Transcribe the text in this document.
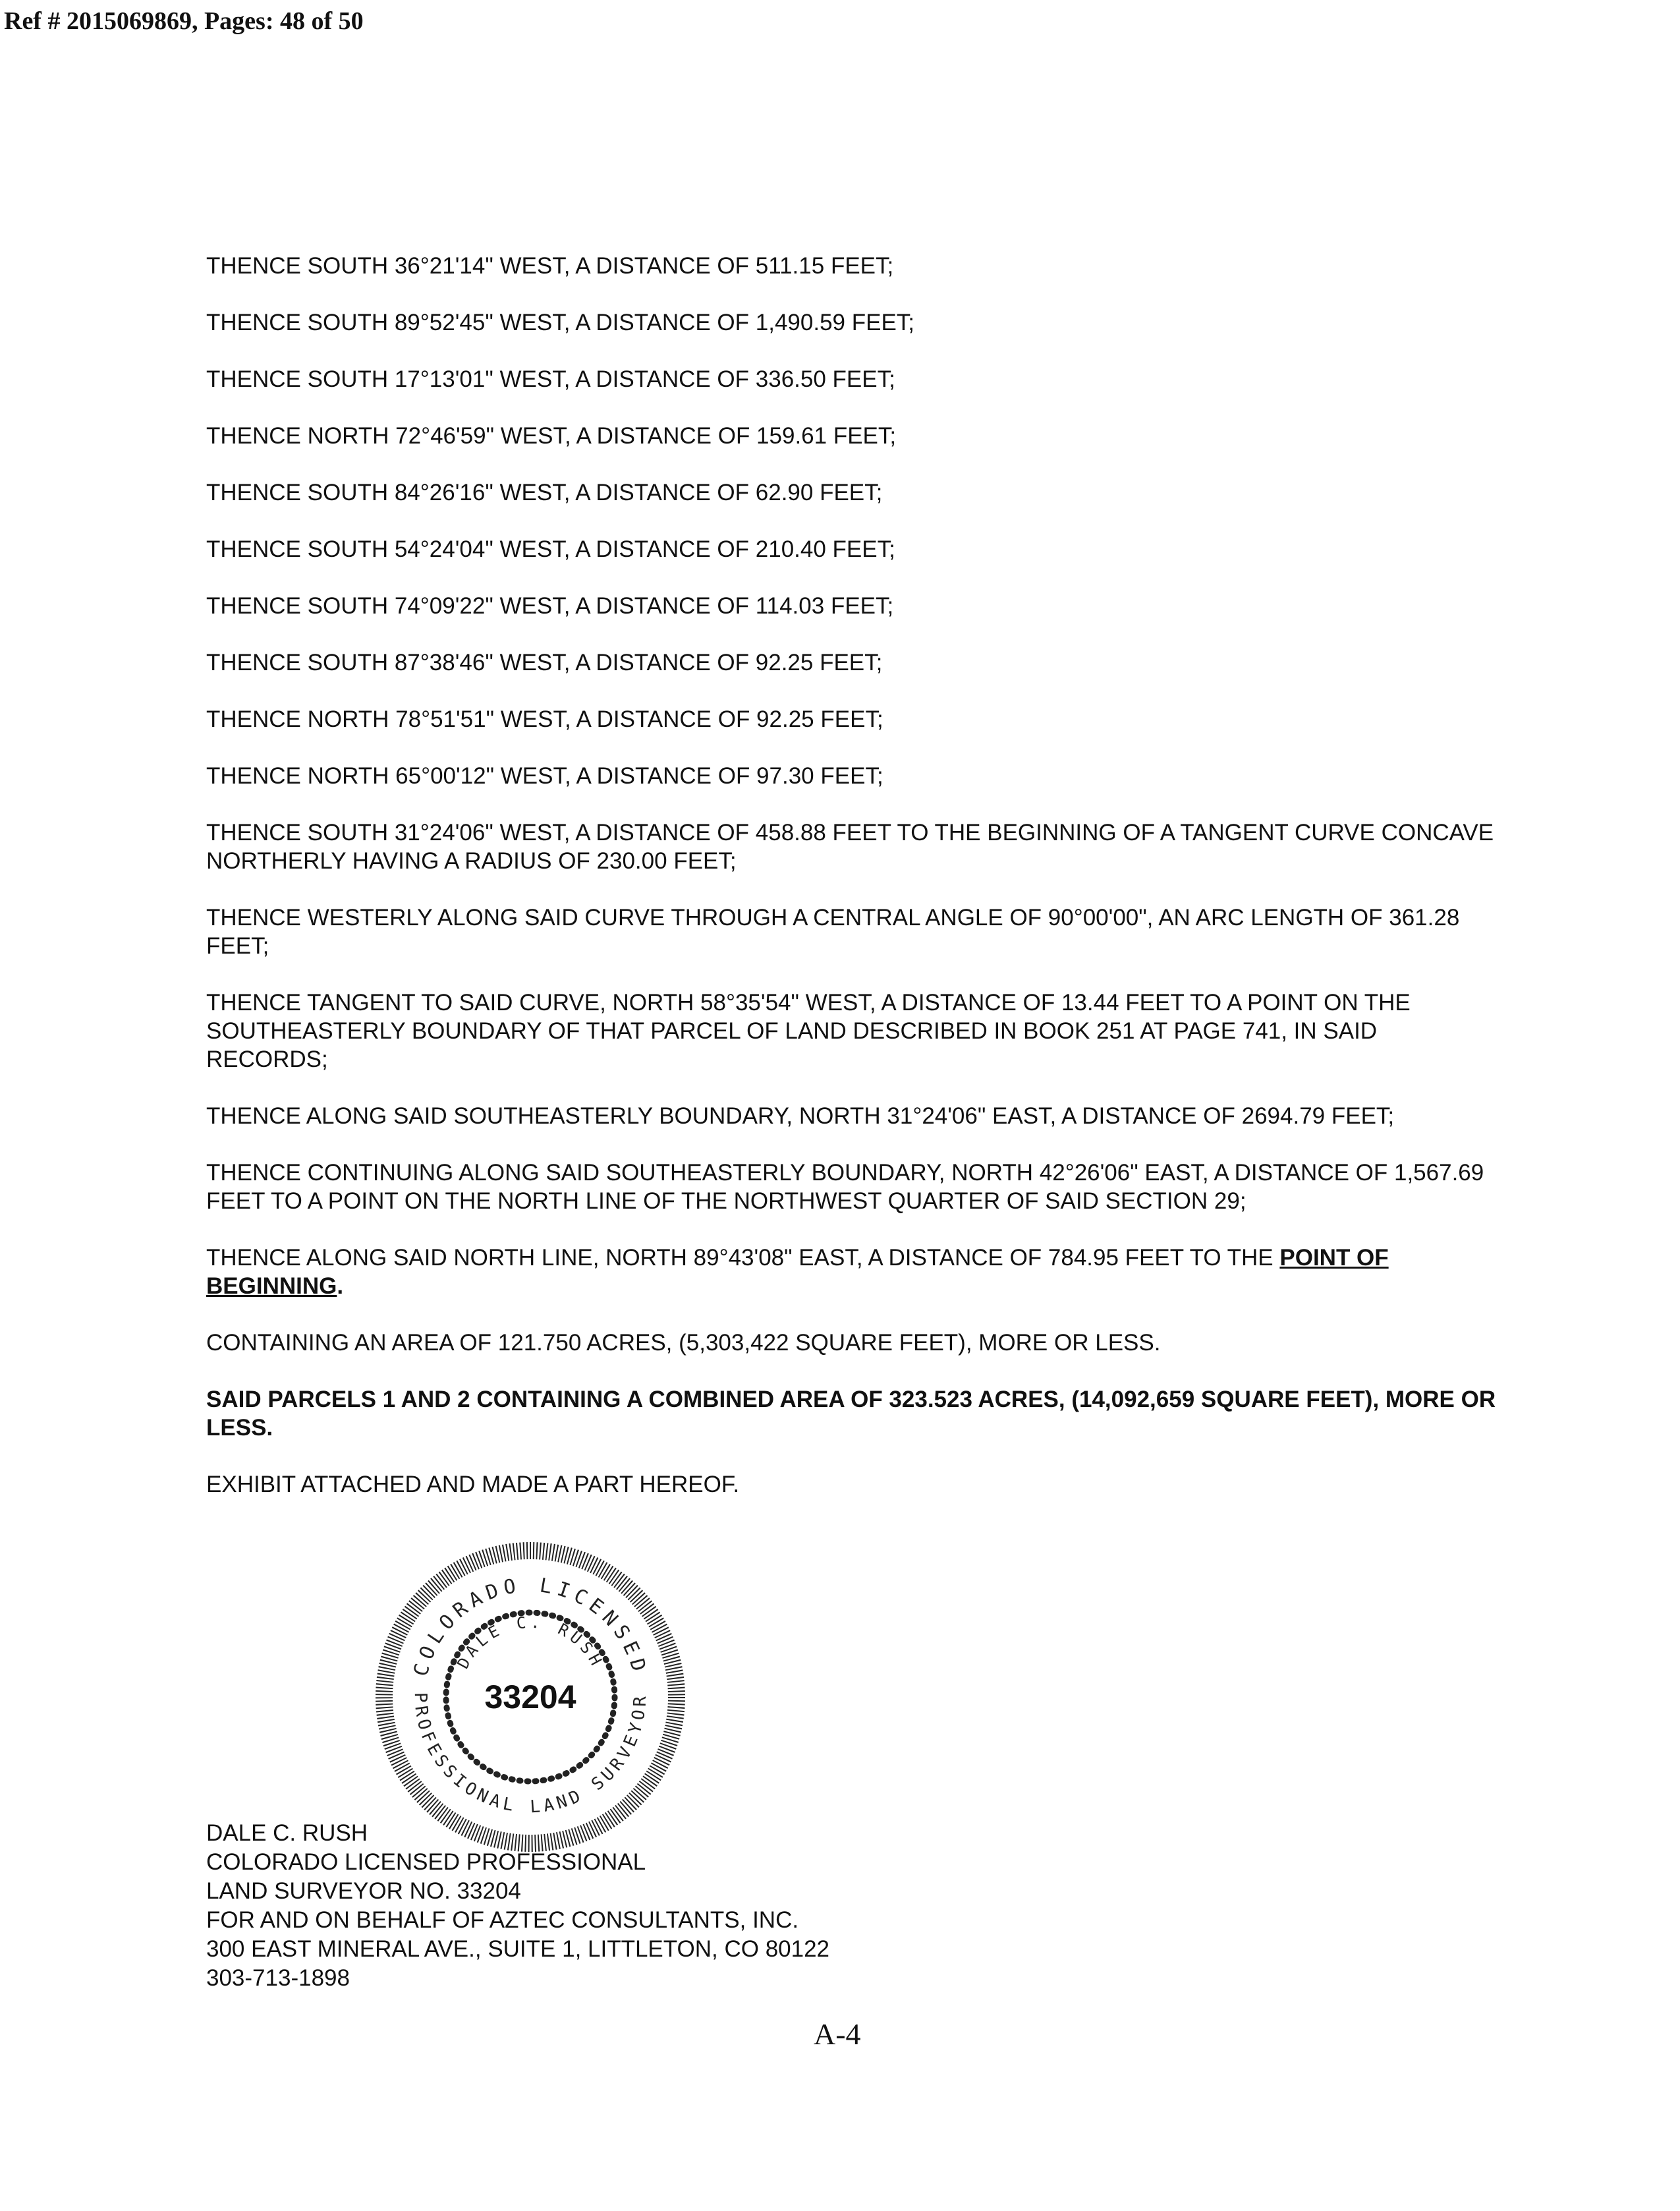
Ref # 2015069869, Pages: 48 of 50

THENCE SOUTH 36°21'14" WEST, A DISTANCE OF 511.15 FEET;

THENCE SOUTH 89°52'45" WEST, A DISTANCE OF 1,490.59 FEET;

THENCE SOUTH 17°13'01" WEST, A DISTANCE OF 336.50 FEET;

THENCE NORTH 72°46'59" WEST, A DISTANCE OF 159.61 FEET;

THENCE SOUTH 84°26'16" WEST, A DISTANCE OF 62.90 FEET;

THENCE SOUTH 54°24'04" WEST, A DISTANCE OF 210.40 FEET;

THENCE SOUTH 74°09'22" WEST, A DISTANCE OF 114.03 FEET;

THENCE SOUTH 87°38'46" WEST, A DISTANCE OF 92.25 FEET;

THENCE NORTH 78°51'51" WEST, A DISTANCE OF 92.25 FEET;

THENCE NORTH 65°00'12" WEST, A DISTANCE OF 97.30 FEET;

THENCE SOUTH 31°24'06" WEST, A DISTANCE OF 458.88 FEET TO THE BEGINNING OF A TANGENT CURVE CONCAVE NORTHERLY HAVING A RADIUS OF 230.00 FEET;

THENCE WESTERLY ALONG SAID CURVE THROUGH A CENTRAL ANGLE OF 90°00'00", AN ARC LENGTH OF 361.28 FEET;

THENCE TANGENT TO SAID CURVE, NORTH 58°35'54" WEST, A DISTANCE OF 13.44 FEET TO A POINT ON THE SOUTHEASTERLY BOUNDARY OF THAT PARCEL OF LAND DESCRIBED IN BOOK 251 AT PAGE 741, IN SAID RECORDS;

THENCE ALONG SAID SOUTHEASTERLY BOUNDARY, NORTH 31°24'06" EAST, A DISTANCE OF 2694.79 FEET;

THENCE CONTINUING ALONG SAID SOUTHEASTERLY BOUNDARY, NORTH 42°26'06" EAST, A DISTANCE OF 1,567.69 FEET TO A POINT ON THE NORTH LINE OF THE NORTHWEST QUARTER OF SAID SECTION 29;

THENCE ALONG SAID NORTH LINE, NORTH 89°43'08" EAST, A DISTANCE OF 784.95 FEET TO THE POINT OF BEGINNING.

CONTAINING AN AREA OF 121.750 ACRES, (5,303,422 SQUARE FEET), MORE OR LESS.

SAID PARCELS 1 AND 2 CONTAINING A COMBINED AREA OF 323.523 ACRES, (14,092,659 SQUARE FEET), MORE OR LESS.

EXHIBIT ATTACHED AND MADE A PART HEREOF.

COLORADO LICENSED
PROFESSIONAL LAND SURVEYOR
DALE C. RUSH
33204
DALE C. RUSH
COLORADO LICENSED PROFESSIONAL
LAND SURVEYOR NO. 33204
FOR AND ON BEHALF OF AZTEC CONSULTANTS, INC.
300 EAST MINERAL AVE., SUITE 1, LITTLETON, CO 80122
303-713-1898
A-4
